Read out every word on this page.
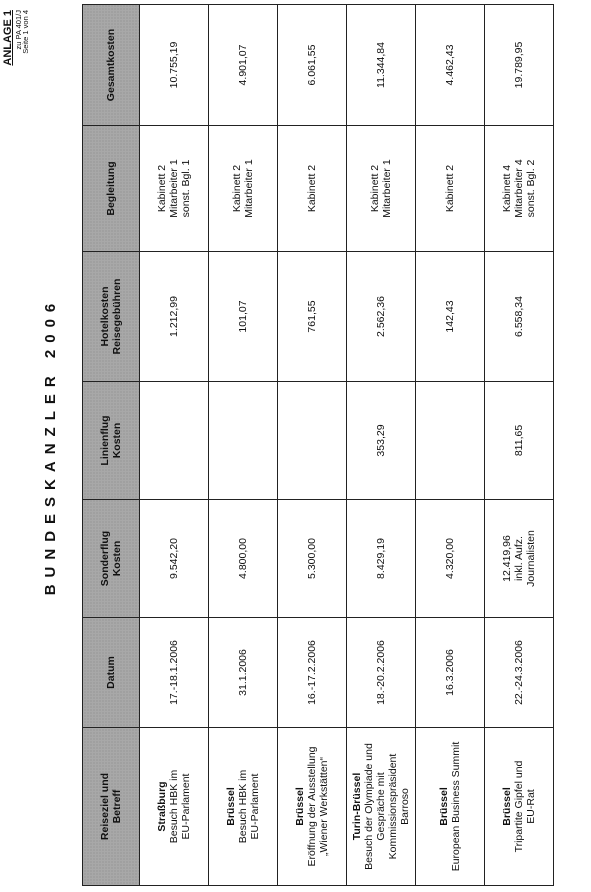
ANLAGE 1 zu PA 401/J
Seite 1 von 4
BUNDESKANZLER 2006
Reiseziel und Betreff	Datum	Sonderflug Kosten	Linienflug Kosten	Hotelkosten Reisegebühren	Begleitung	Gesamtkosten

Straßburg Besuch HBK im EU-Parlament	17.-18.1.2006	9.542,20		1.212,99	Kabinett 2 Mitarbeiter 1 sonst. Bgl. 1	10.755,19

Brüssel Besuch HBK im EU-Parlament	31.1.2006	4.800,00		101,07	Kabinett 2 Mitarbeiter 1	4.901,07

Brüssel Eröffnung der Ausstellung „Wiener Werkstätten“	16.-17.2.2006	5.300,00		761,55	Kabinett 2	6.061,55

Turin-Brüssel Besuch der Olympiade und Gespräche mit Kommissionspräsident Barroso	18.-20.2.2006	8.429,19	353,29	2.562,36	Kabinett 2 Mitarbeiter 1	11.344,84

Brüssel European Business Summit	16.3.2006	4.320,00		142,43	Kabinett 2	4.462,43

Brüssel Tripartite Gipfel und EU-Rat	22.-24.3.2006	12.419,96 inkl. Aufz. Journalisten	811,65	6.558,34	Kabinett 4 Mitarbeiter 4 sonst. Bgl. 2	19.789,95
